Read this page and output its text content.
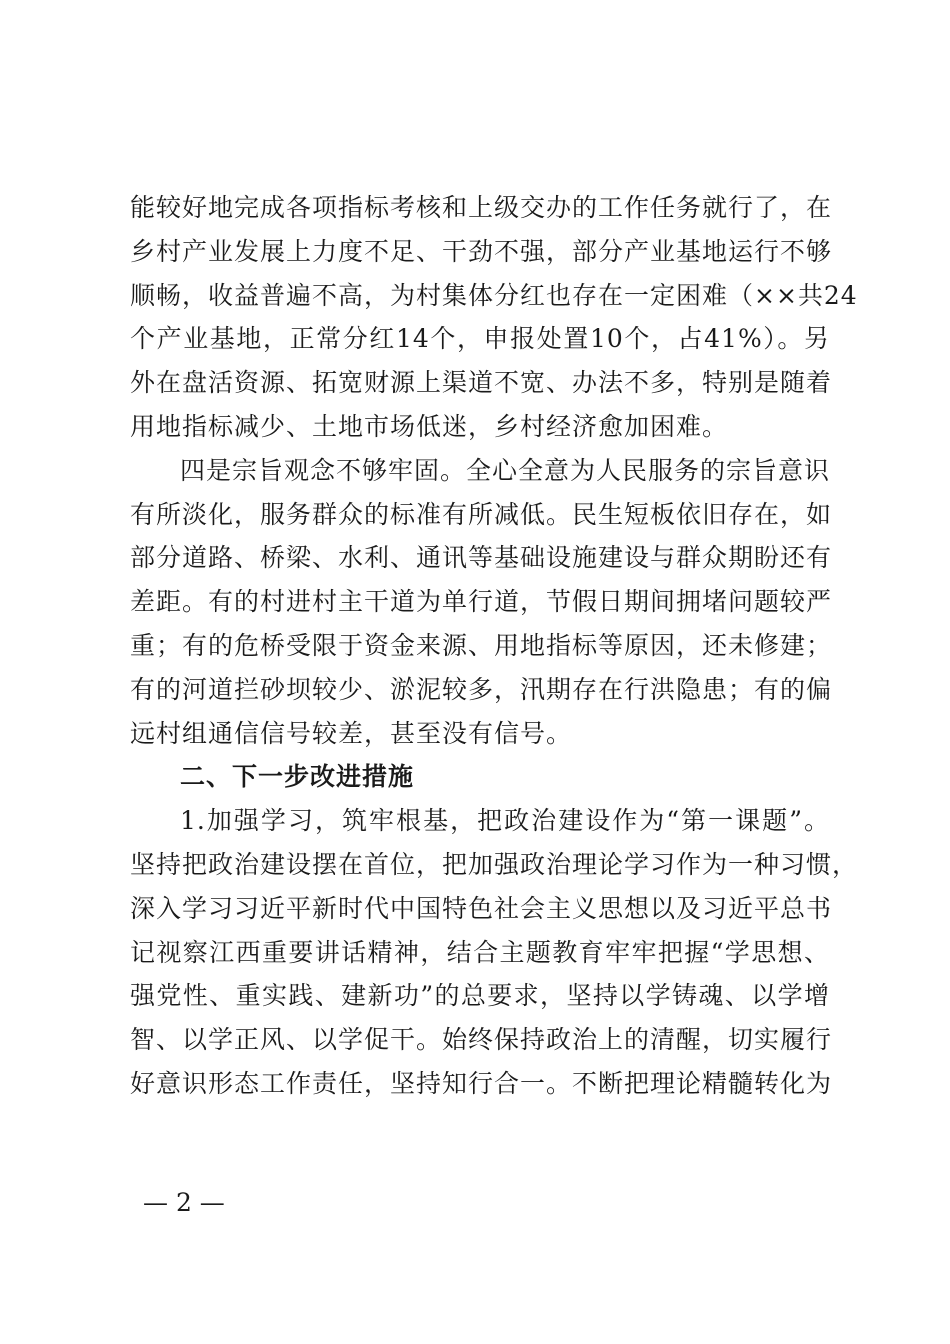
能较好地完成各项指标考核和上级交办的工作任务就行了，在
乡村产业发展上力度不足、干劲不强，部分产业基地运行不够
顺畅，收益普遍不高，为村集体分红也存在一定困难（××共24
个产业基地，正常分红14个，申报处置10个，占41%）。另
外在盘活资源、拓宽财源上渠道不宽、办法不多，特别是随着
用地指标减少、土地市场低迷，乡村经济愈加困难。
四是宗旨观念不够牢固。全心全意为人民服务的宗旨意识
有所淡化，服务群众的标准有所减低。民生短板依旧存在，如
部分道路、桥梁、水利、通讯等基础设施建设与群众期盼还有
差距。有的村进村主干道为单行道，节假日期间拥堵问题较严
重；有的危桥受限于资金来源、用地指标等原因，还未修建；
有的河道拦砂坝较少、淤泥较多，汛期存在行洪隐患；有的偏
远村组通信信号较差，甚至没有信号。
二、下一步改进措施
1.加强学习，筑牢根基，把政治建设作为“第一课题”。
坚持把政治建设摆在首位，把加强政治理论学习作为一种习惯，
深入学习习近平新时代中国特色社会主义思想以及习近平总书
记视察江西重要讲话精神，结合主题教育牢牢把握“学思想、
强党性、重实践、建新功”的总要求，坚持以学铸魂、以学增
智、以学正风、以学促干。始终保持政治上的清醒，切实履行
好意识形态工作责任，坚持知行合一。不断把理论精髓转化为
— 2 —
